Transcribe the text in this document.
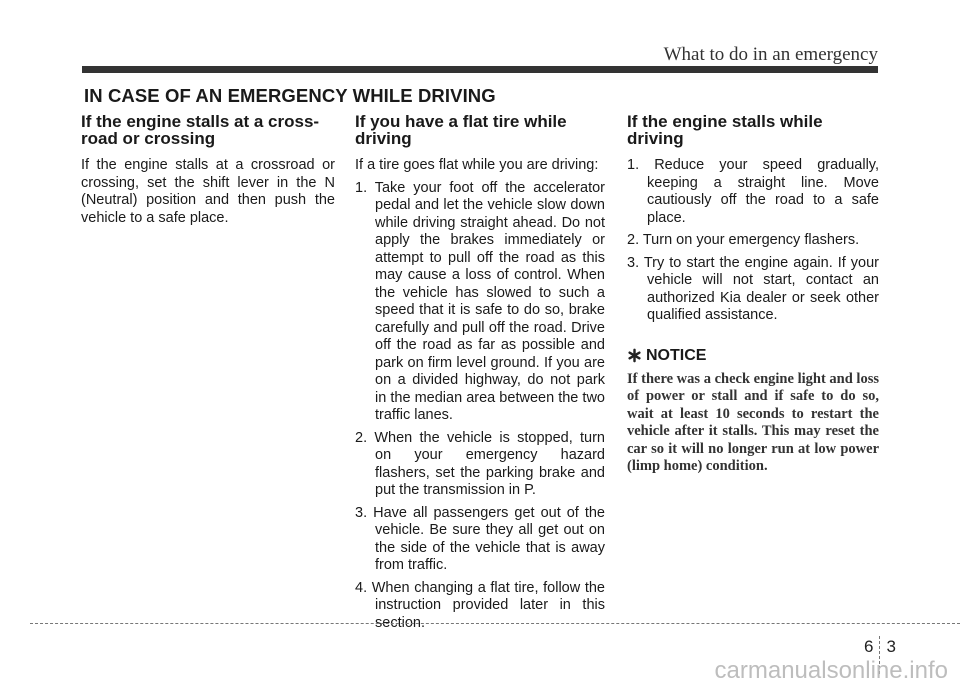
What to do in an emergency
IN CASE OF AN EMERGENCY WHILE DRIVING
If the engine stalls at a cross-road or crossing

If the engine stalls at a crossroad or crossing, set the shift lever in the N (Neutral) position and then push the vehicle to a safe place.

If you have a flat tire while driving

If a tire goes flat while you are driving:

1. Take your foot off the accelerator pedal and let the vehicle slow down while driving straight ahead. Do not apply the brakes immediately or attempt to pull off the road as this may cause a loss of control. When the vehicle has slowed to such a speed that it is safe to do so, brake carefully and pull off the road. Drive off the road as far as possible and park on firm level ground. If you are on a divided highway, do not park in the median area between the two traffic lanes.
2. When the vehicle is stopped, turn on your emergency hazard flashers, set the parking brake and put the transmission in P.
3. Have all passengers get out of the vehicle. Be sure they all get out on the side of the vehicle that is away from traffic.
4. When changing a flat tire, follow the instruction provided later in this section.
If the engine stalls while driving
1. Reduce your speed gradually, keeping a straight line. Move cautiously off the road to a safe place.
2. Turn on your emergency flashers.
3. Try to start the engine again. If your vehicle will not start, contact an authorized Kia dealer or seek other qualified assistance.
NOTICE
If there was a check engine light and loss of power or stall and if safe to do so, wait at least 10 seconds to restart the vehicle after it stalls. This may reset the car so it will no longer run at low power (limp home) condition.
6 3
carmanualsonline.info
